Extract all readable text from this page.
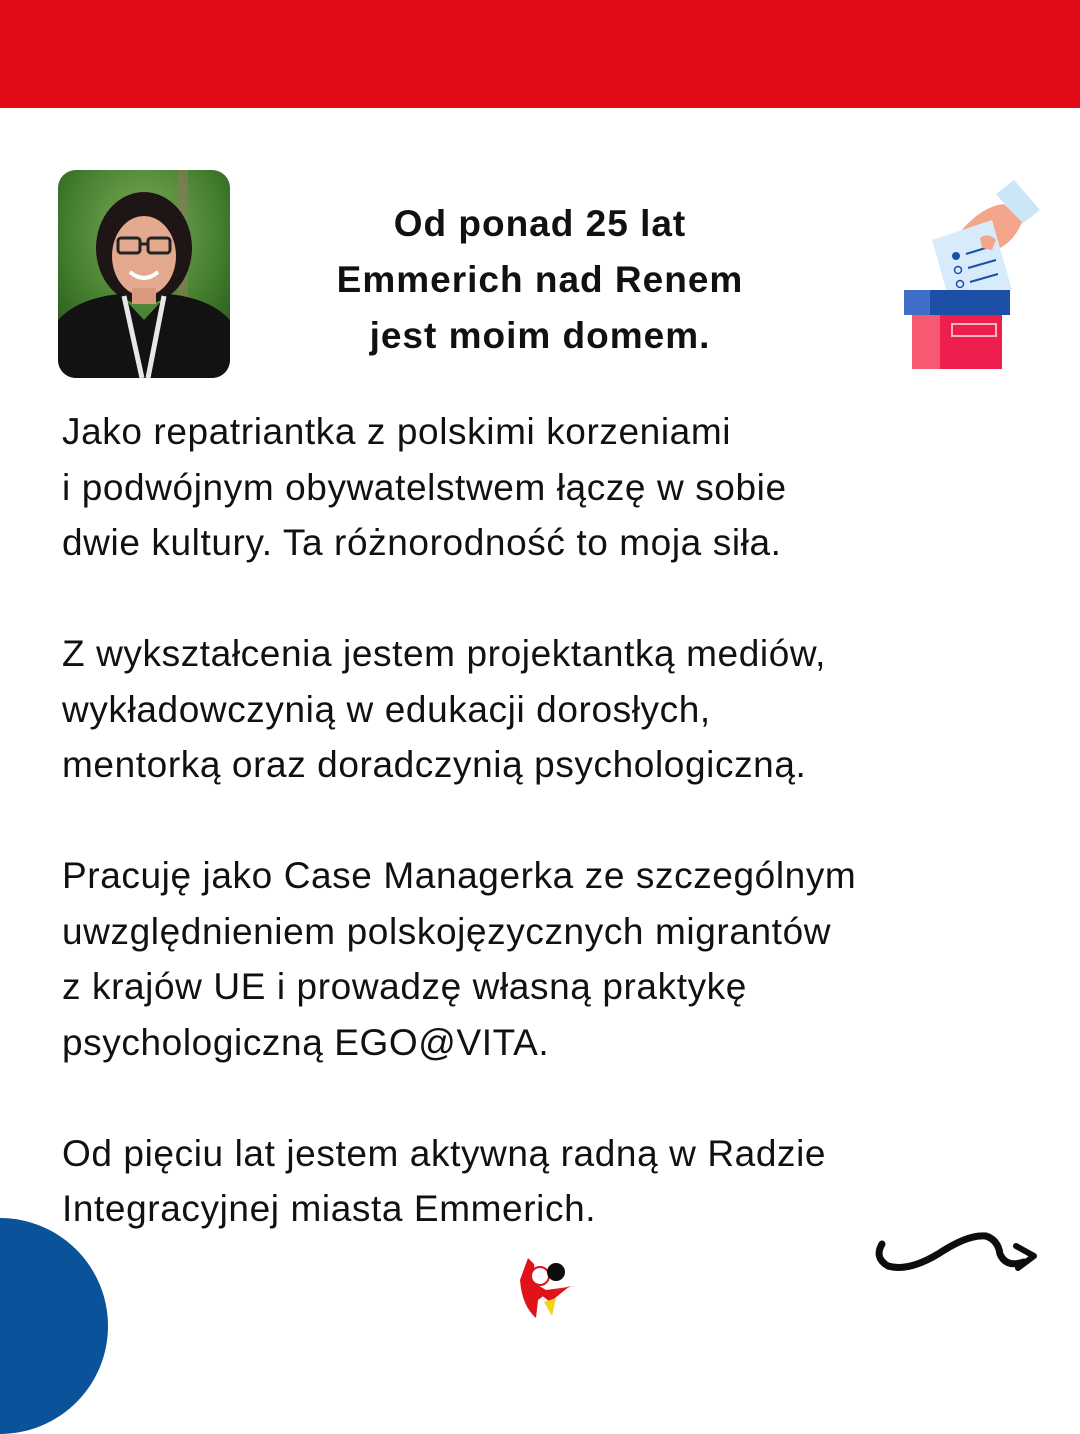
Od ponad 25 lat
Emmerich nad Renem
jest moim domem.

Jako repatriantka z polskimi korzeniami
i podwójnym obywatelstwem łączę w sobie
dwie kultury. Ta różnorodność to moja siła.

Z wykształcenia jestem projektantką mediów,
wykładowczynią w edukacji dorosłych,
mentorką oraz doradczynią psychologiczną.

Pracuję jako Case Managerka ze szczególnym
uwzględnieniem polskojęzycznych migrantów
z krajów UE i prowadzę własną praktykę
psychologiczną EGO@VITA.

Od pięciu lat jestem aktywną radną w Radzie
Integracyjnej miasta Emmerich.
